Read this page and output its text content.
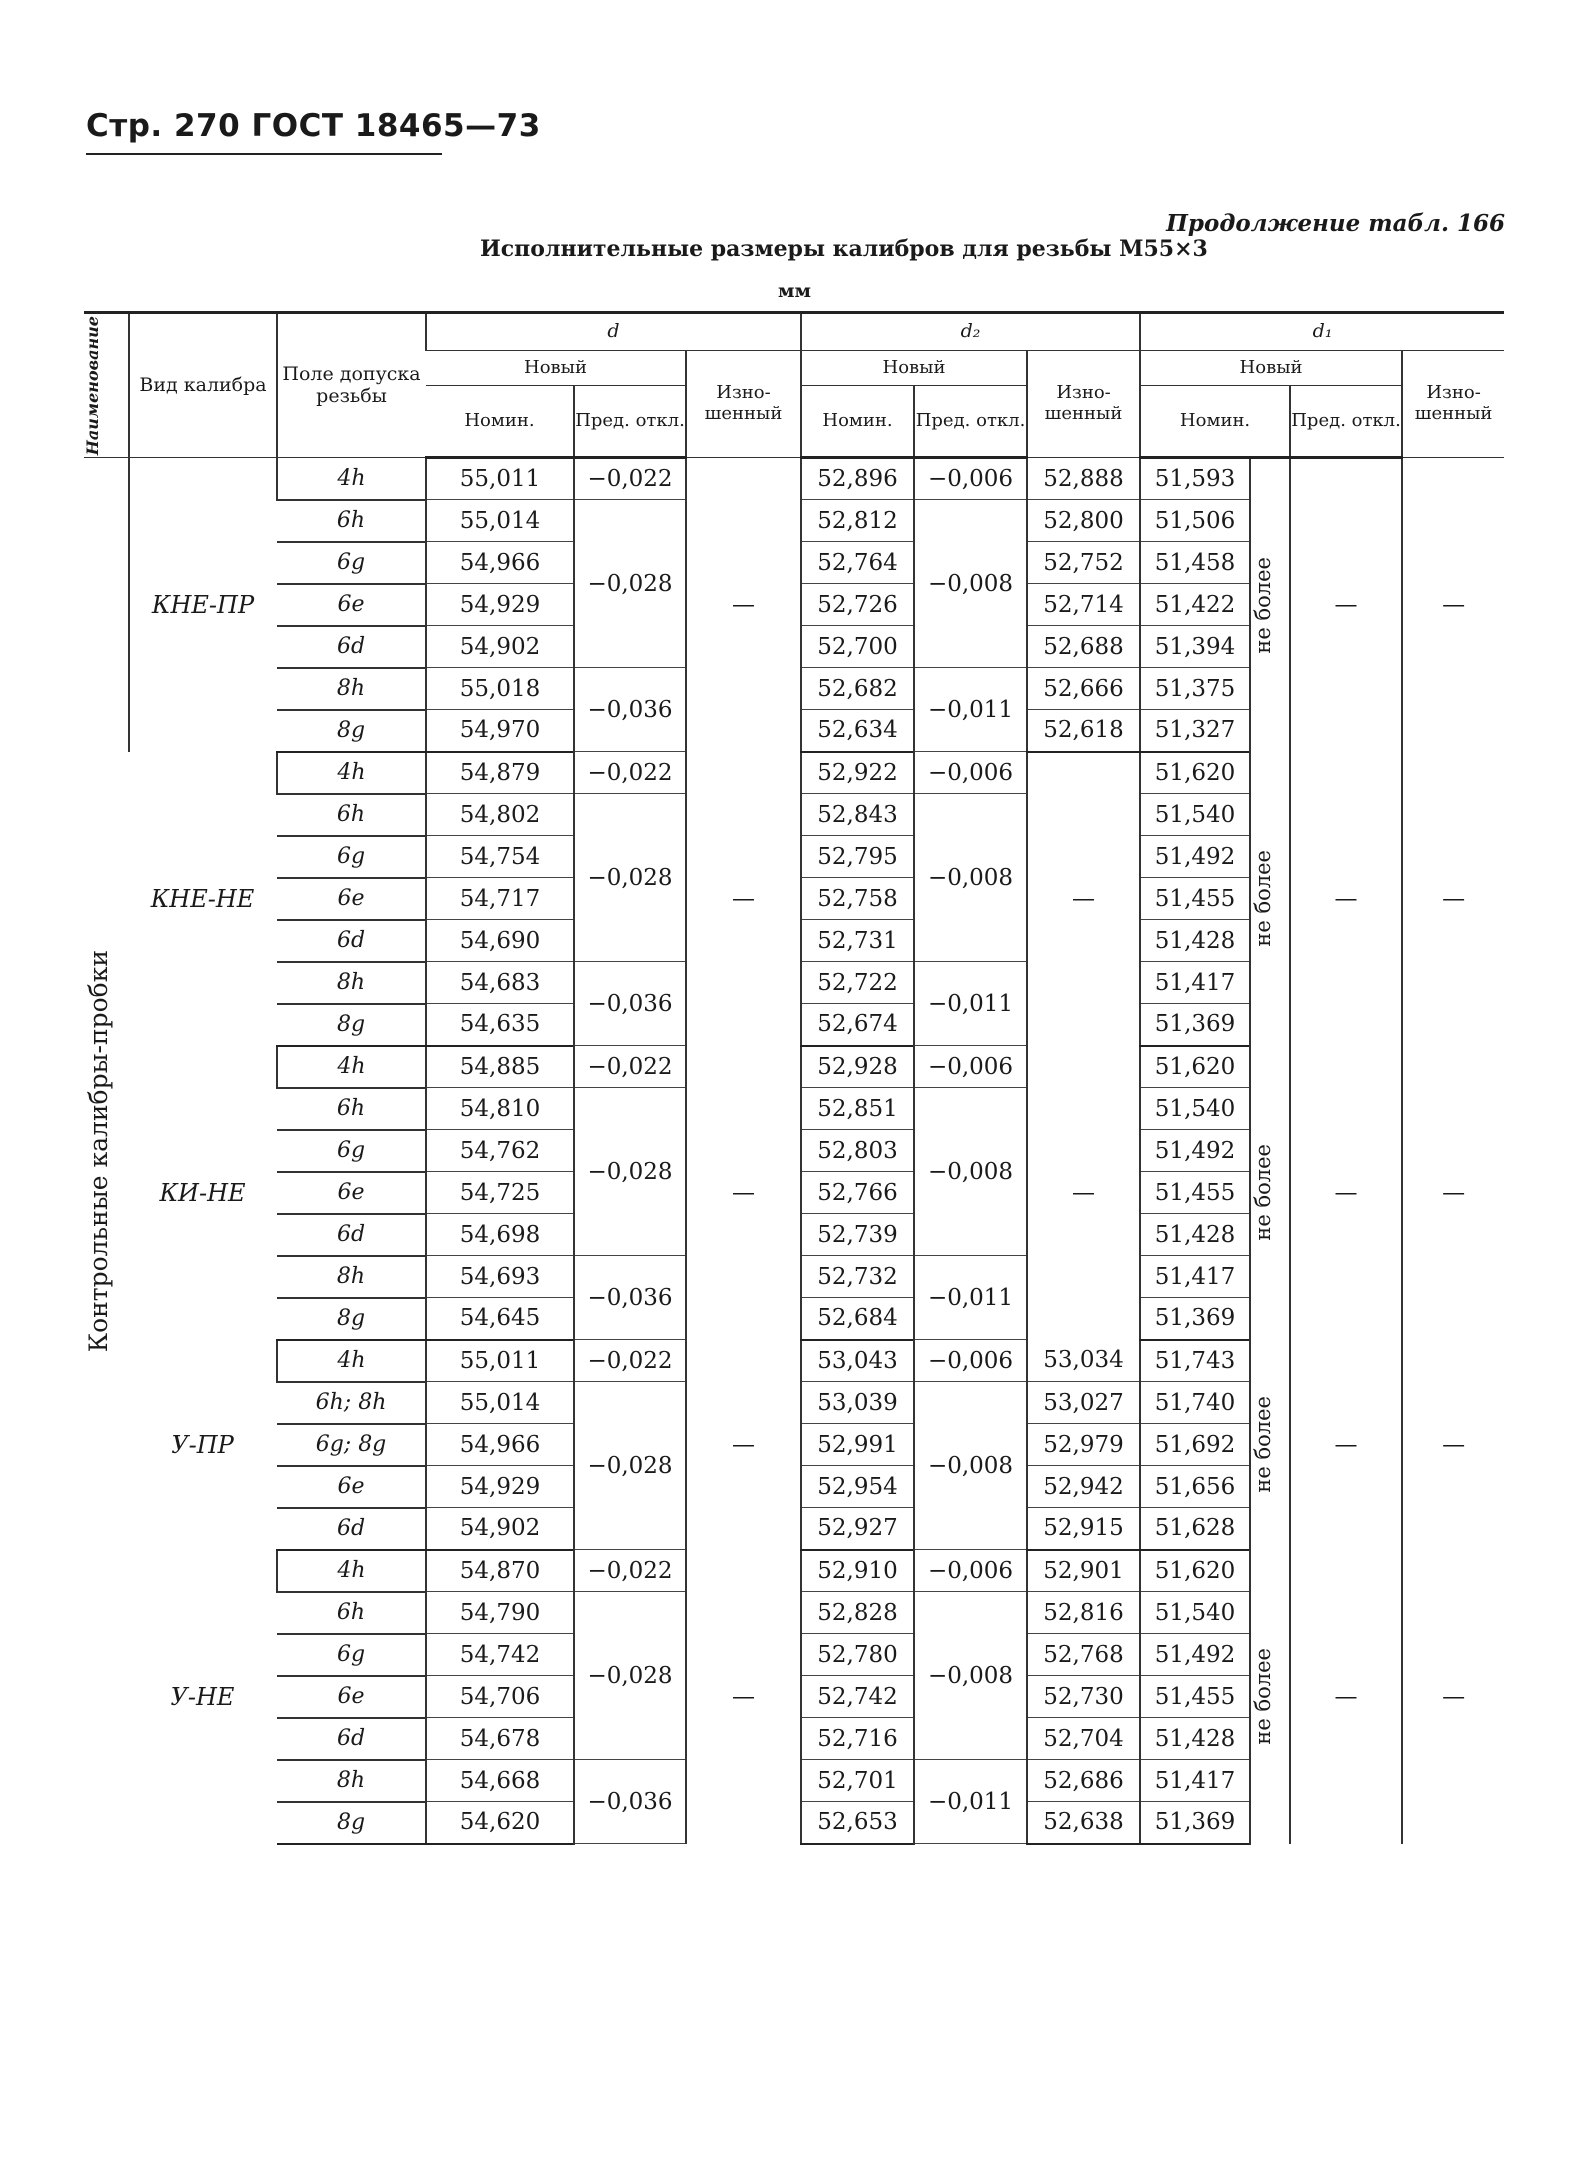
Стр. 270 ГОСТ 18465—73
Продолжение табл. 166
Исполнительные размеры калибров для резьбы М55×3
мм
Наименование	Вид калибра	Поле допуска резьбы	d			d₂			d₁			
			Новый		Изно-шенный	Новый		Изно-шенный	Новый			Изно-шенный
			Номин.	Пред. откл.		Номин.	Пред. откл.		Номин.		Пред. откл.	

Контрольные калибры-пробки	КНЕ-ПР	4h	55,011	−0,022	—	52,896	−0,006	52,888	51,593	не более	—	—
		6h	55,014	−0,028		52,812	−0,008	52,800	51,506			
		6g	54,966			52,764		52,752	51,458			
		6e	54,929			52,726		52,714	51,422			
		6d	54,902			52,700		52,688	51,394			
		8h	55,018	−0,036		52,682	−0,011	52,666	51,375			
		8g	54,970			52,634		52,618	51,327			
	КНЕ-НЕ	4h	54,879	−0,022	—	52,922	−0,006	—	51,620	не более	—	—
		6h	54,802	−0,028		52,843	−0,008		51,540			
		6g	54,754			52,795			51,492			
		6e	54,717			52,758			51,455			
		6d	54,690			52,731			51,428			
		8h	54,683	−0,036		52,722	−0,011		51,417			
		8g	54,635			52,674			51,369			
	КИ-НЕ	4h	54,885	−0,022	—	52,928	−0,006	—	51,620	не более	—	—
		6h	54,810	−0,028		52,851	−0,008		51,540			
		6g	54,762			52,803			51,492			
		6e	54,725			52,766			51,455			
		6d	54,698			52,739			51,428			
		8h	54,693	−0,036		52,732	−0,011		51,417			
		8g	54,645			52,684			51,369			
	У-ПР	4h	55,011	−0,022	—	53,043	−0,006	53,034	51,743	не более	—	—
		6h; 8h	55,014	−0,028		53,039	−0,008	53,027	51,740			
		6g; 8g	54,966			52,991		52,979	51,692			
		6e	54,929			52,954		52,942	51,656			
		6d	54,902			52,927		52,915	51,628			
	У-НЕ	4h	54,870	−0,022	—	52,910	−0,006	52,901	51,620	не более	—	—
		6h	54,790	−0,028		52,828	−0,008	52,816	51,540			
		6g	54,742			52,780		52,768	51,492			
		6e	54,706			52,742		52,730	51,455			
		6d	54,678			52,716		52,704	51,428			
		8h	54,668	−0,036		52,701	−0,011	52,686	51,417			
		8g	54,620			52,653		52,638	51,369			
